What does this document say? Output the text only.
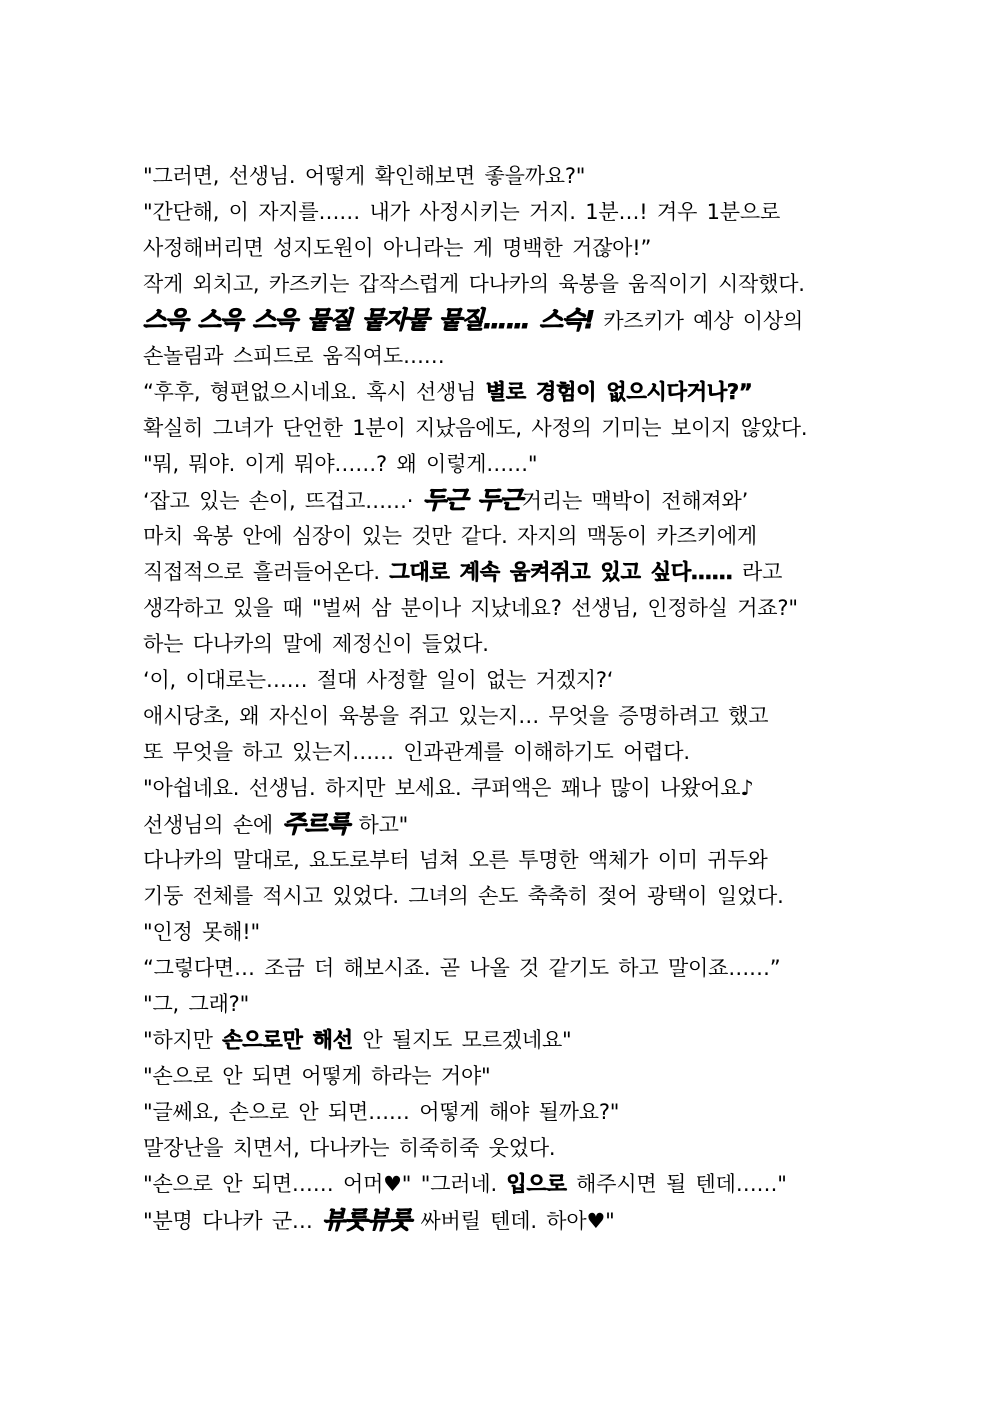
"그러면, 선생님. 어떻게 확인해보면 좋을까요?"
"간단해, 이 자지를…… 내가 사정시키는 거지. 1분…! 겨우 1분으로
사정해버리면 성지도원이 아니라는 게 명백한 거잖아!”
작게 외치고, 카즈키는 갑작스럽게 다나카의 육봉을 움직이기 시작했다.
스윽 스윽 스윽 뭍질 뭍자뭍 뭍질…… 스슥! 카즈키가 예상 이상의
손놀림과 스피드로 움직여도……
“후후, 형편없으시네요. 혹시 선생님 별로 경험이 없으시다거나?”
확실히 그녀가 단언한 1분이 지났음에도, 사정의 기미는 보이지 않았다.
"뭐, 뭐야. 이게 뭐야……? 왜 이렇게……"
‘잡고 있는 손이, 뜨겁고……· 두근 두근거리는 맥박이 전해져와’
마치 육봉 안에 심장이 있는 것만 같다. 자지의 맥동이 카즈키에게
직접적으로 흘러들어온다. 그대로 계속 움켜쥐고 있고 싶다…… 라고
생각하고 있을 때 "벌써 삼 분이나 지났네요? 선생님, 인정하실 거죠?"
하는 다나카의 말에 제정신이 들었다.
‘이, 이대로는…… 절대 사정할 일이 없는 거겠지?‘
애시당초, 왜 자신이 육봉을 쥐고 있는지… 무엇을 증명하려고 했고
또 무엇을 하고 있는지…… 인과관계를 이해하기도 어렵다.
"아쉽네요. 선생님. 하지만 보세요. 쿠퍼액은 꽤나 많이 나왔어요♪
선생님의 손에 주르륵 하고"
다나카의 말대로, 요도로부터 넘쳐 오른 투명한 액체가 이미 귀두와
기둥 전체를 적시고 있었다. 그녀의 손도 축축히 젖어 광택이 일었다.
"인정 못해!"
“그렇다면… 조금 더 해보시죠. 곧 나올 것 같기도 하고 말이죠……”
"그, 그래?"
"하지만 손으로만 해선 안 될지도 모르겠네요"
"손으로 안 되면 어떻게 하라는 거야"
"글쎄요, 손으로 안 되면…… 어떻게 해야 될까요?"
말장난을 치면서, 다나카는 히죽히죽 웃었다.
"손으로 안 되면…… 어머♥" "그러네. 입으로 해주시면 될 텐데……"
"분명 다나카 군… 뷰릇뷰릇 싸버릴 텐데. 하아♥"
